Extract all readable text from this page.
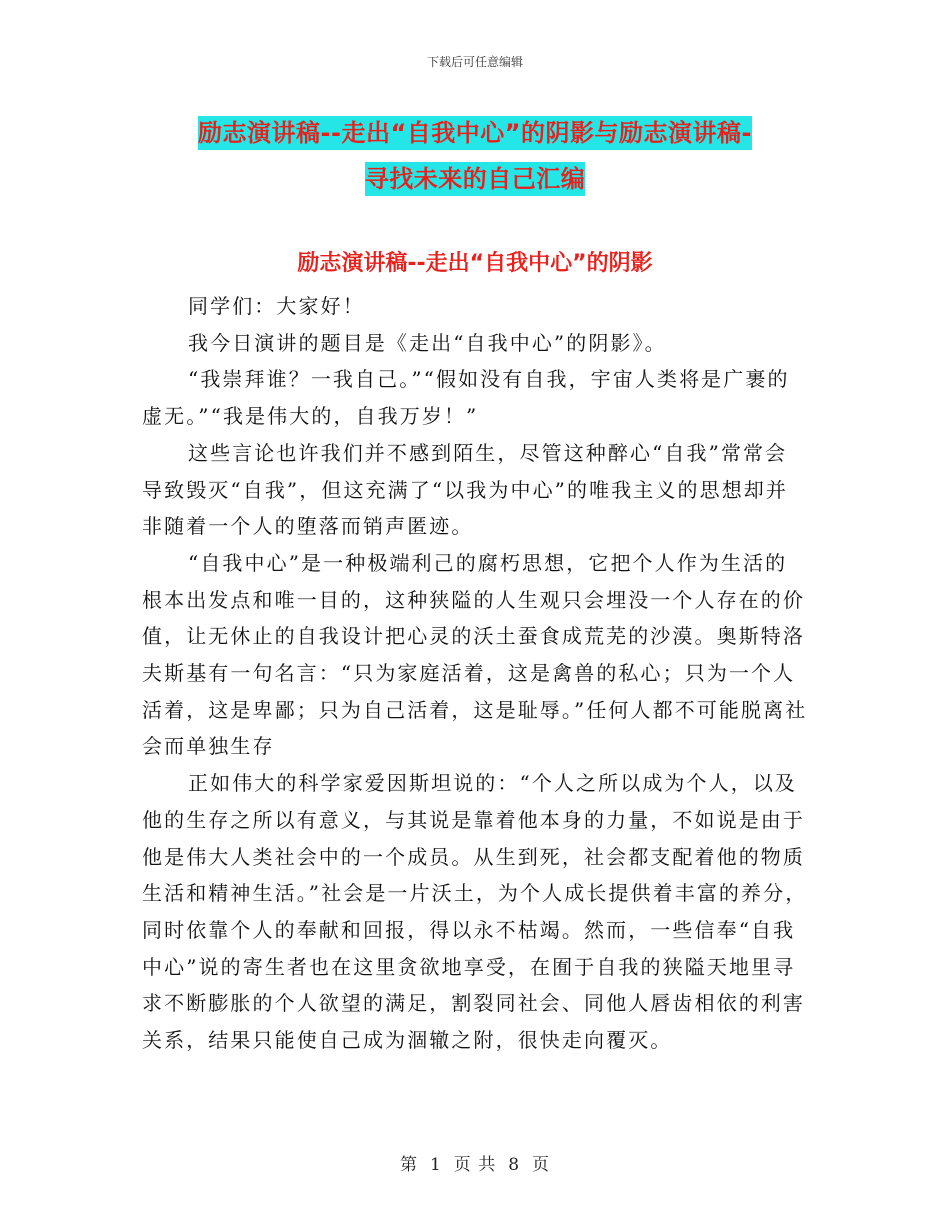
下载后可任意编辑
励志演讲稿--走出“自我中心”的阴影与励志演讲稿-
寻找未来的自己汇编
励志演讲稿--走出“自我中心”的阴影

同学们：大家好！

我今日演讲的题目是《走出“自我中心”的阴影》。

“我崇拜谁？一我自己。”“假如没有自我，宇宙人类将是广裹的虚无。”“我是伟大的，自我万岁！”

这些言论也许我们并不感到陌生，尽管这种醉心“自我”常常会导致毁灭“自我”，但这充满了“以我为中心”的唯我主义的思想却并非随着一个人的堕落而销声匿迹。

“自我中心”是一种极端利己的腐朽思想，它把个人作为生活的根本出发点和唯一目的，这种狭隘的人生观只会埋没一个人存在的价值，让无休止的自我设计把心灵的沃土蚕食成荒芜的沙漠。奥斯特洛夫斯基有一句名言：“只为家庭活着，这是禽兽的私心；只为一个人活着，这是卑鄙；只为自己活着，这是耻辱。”任何人都不可能脱离社会而单独生存

正如伟大的科学家爱因斯坦说的：“个人之所以成为个人，以及他的生存之所以有意义，与其说是靠着他本身的力量，不如说是由于他是伟大人类社会中的一个成员。从生到死，社会都支配着他的物质生活和精神生活。”社会是一片沃土，为个人成长提供着丰富的养分，同时依靠个人的奉献和回报，得以永不枯竭。然而，一些信奉“自我中心”说的寄生者也在这里贪欲地享受，在囿于自我的狭隘天地里寻求不断膨胀的个人欲望的满足，割裂同社会、同他人唇齿相依的利害关系，结果只能使自己成为涸辙之附，很快走向覆灭。

第 1 页 共 8 页
